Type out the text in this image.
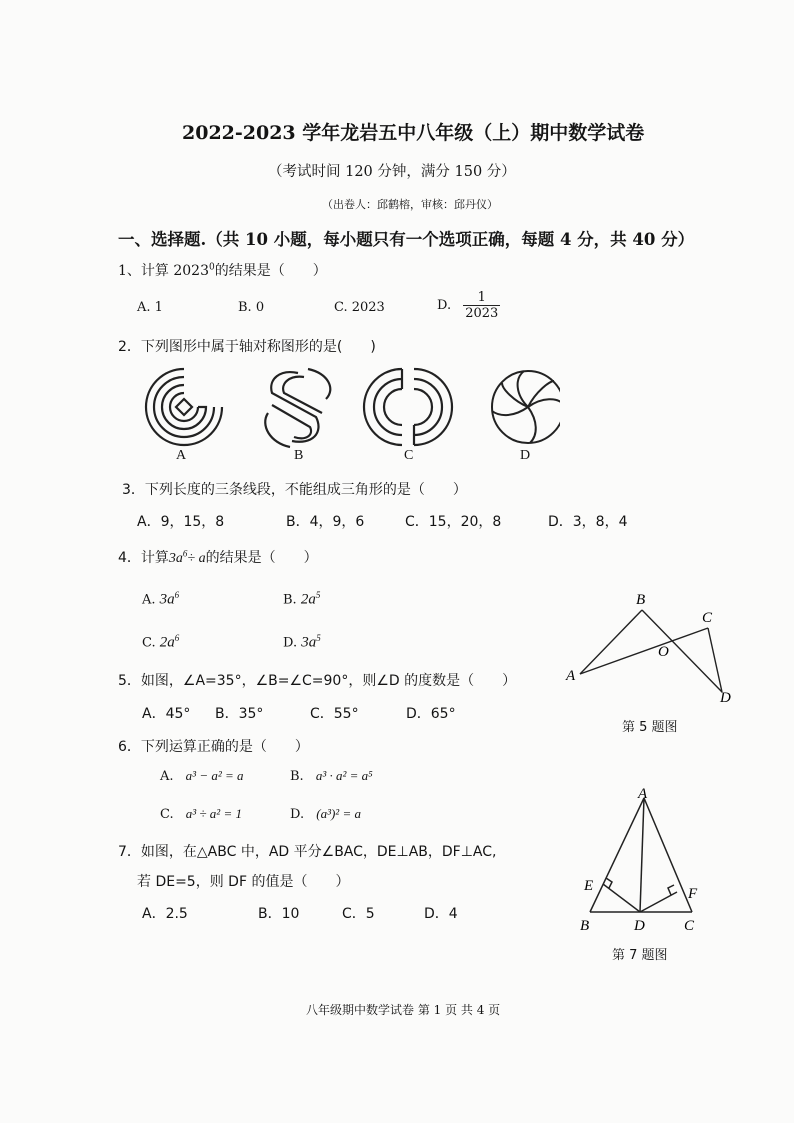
2022-2023 学年龙岩五中八年级（上）期中数学试卷
（考试时间 120 分钟，满分 150 分）
（出卷人：邱鹤榕，审核：邱丹仪）
一、选择题.（共 10 小题，每小题只有一个选项正确，每题 4 分，共 40 分）
1、计算 2023$^0$的结果是（　　）
A. 1	B. 0	C. 2023	D. $\frac{1}{2023}$
2．下列图形中属于轴对称图形的是(　　)
A	B	C	D
3．下列长度的三条线段，不能组成三角形的是（　　）
A．9，15，8	B．4，9，6	C．15，20，8	D．3，8，4
4．计算$3a^6\div a$的结果是（　　）
A. $3a^6$	B. $2a^5$
C. $2a^6$	D. $3a^5$
A
B
C
O
D
第 5 题图
5．如图，∠A=35°，∠B=∠C=90°，则∠D 的度数是（　　）
A．45° B．35°	C．55°	D．65°
6．下列运算正确的是（　　）
A. a³ − a² = a	B. a³ · a² = a⁵
C. a³ ÷ a² = 1	D. (a³)² = a
A
E	F
B	D	C
第 7 题图
7．如图，在△ABC 中，AD 平分∠BAC，DE⊥AB，DF⊥AC,
若 DE=5，则 DF 的值是（　　）
A．2.5	B．10	C．5	D．4
八年级期中数学试卷 第 1 页 共 4 页
